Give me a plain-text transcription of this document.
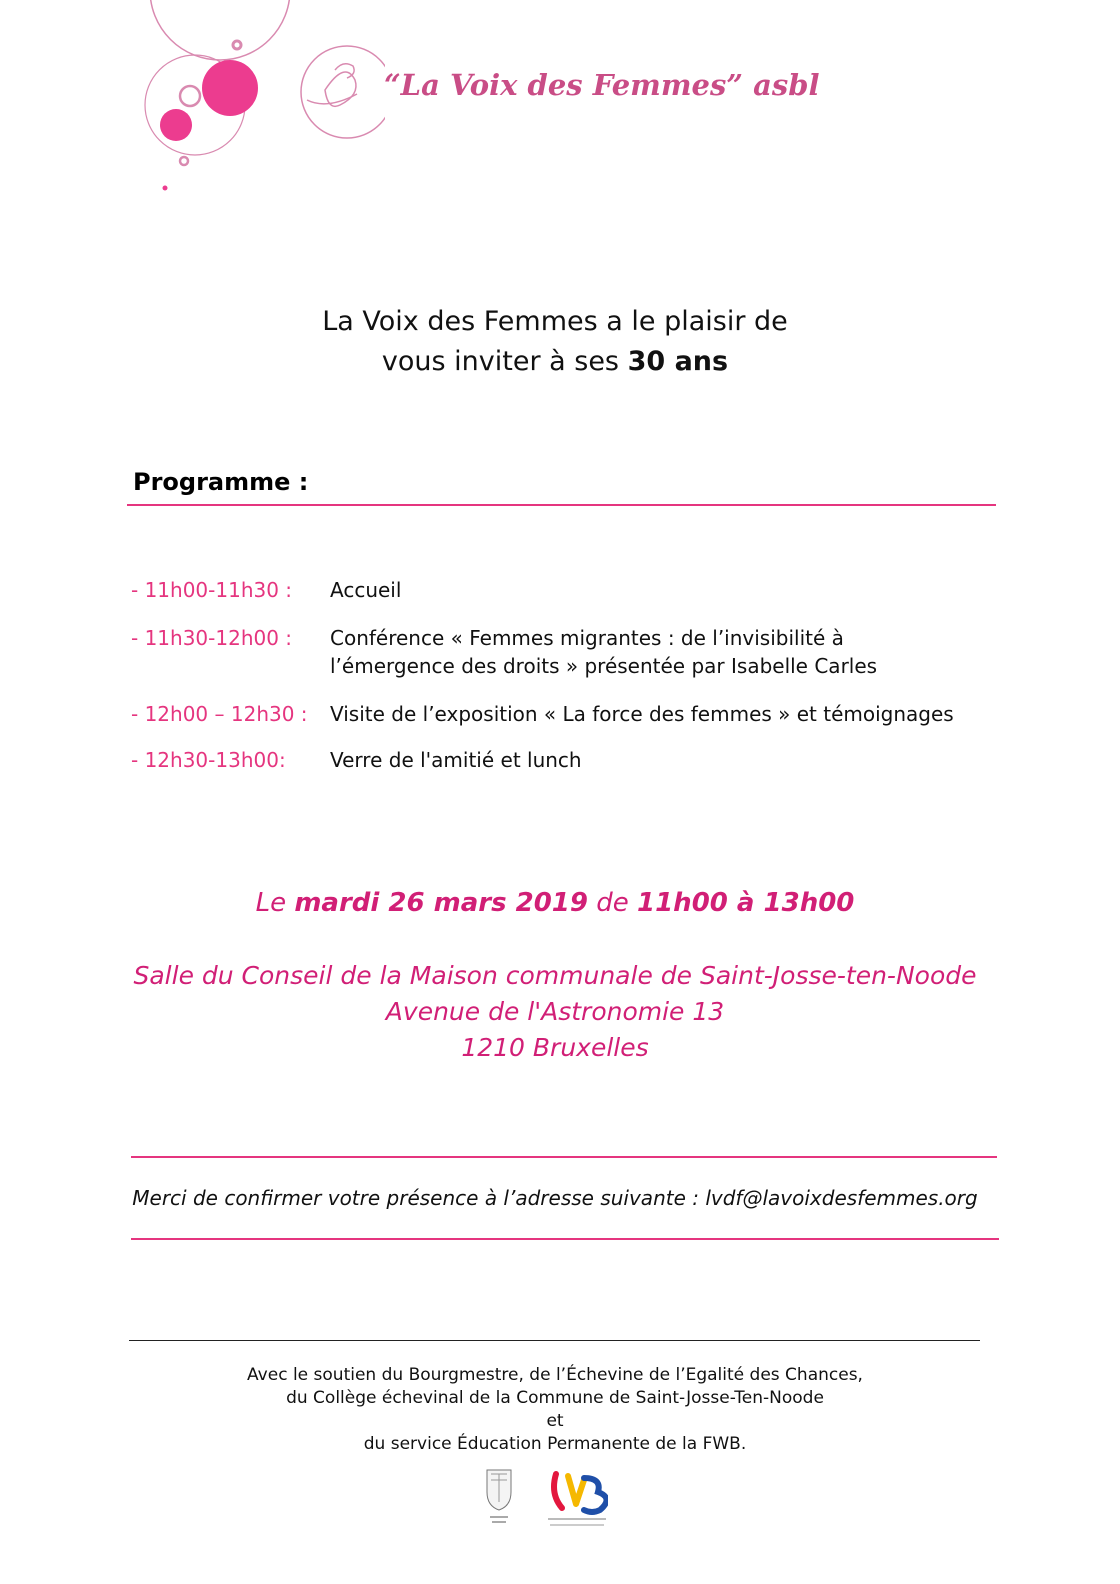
“La Voix des Femmes” asbl
La Voix des Femmes a le plaisir de
vous inviter à ses 30 ans
Programme :
- 11h00-11h30 : Accueil
- 11h30-12h00 : Conférence « Femmes migrantes : de l’invisibilité à l’émergence des droits » présentée par Isabelle Carles
- 12h00 – 12h30 : Visite de l’exposition « La force des femmes » et témoignages
- 12h30-13h00: Verre de l'amitié et lunch
Le mardi 26 mars 2019 de 11h00 à 13h00
Salle du Conseil de la Maison communale de Saint-Josse-ten-Noode
Avenue de l'Astronomie 13
1210 Bruxelles
Merci de confirmer votre présence à l’adresse suivante : lvdf@lavoixdesfemmes.org
Avec le soutien du Bourgmestre, de l’Échevine de l’Egalité des Chances,
du Collège échevinal de la Commune de Saint-Josse-Ten-Noode
et
du service Éducation Permanente de la FWB.
